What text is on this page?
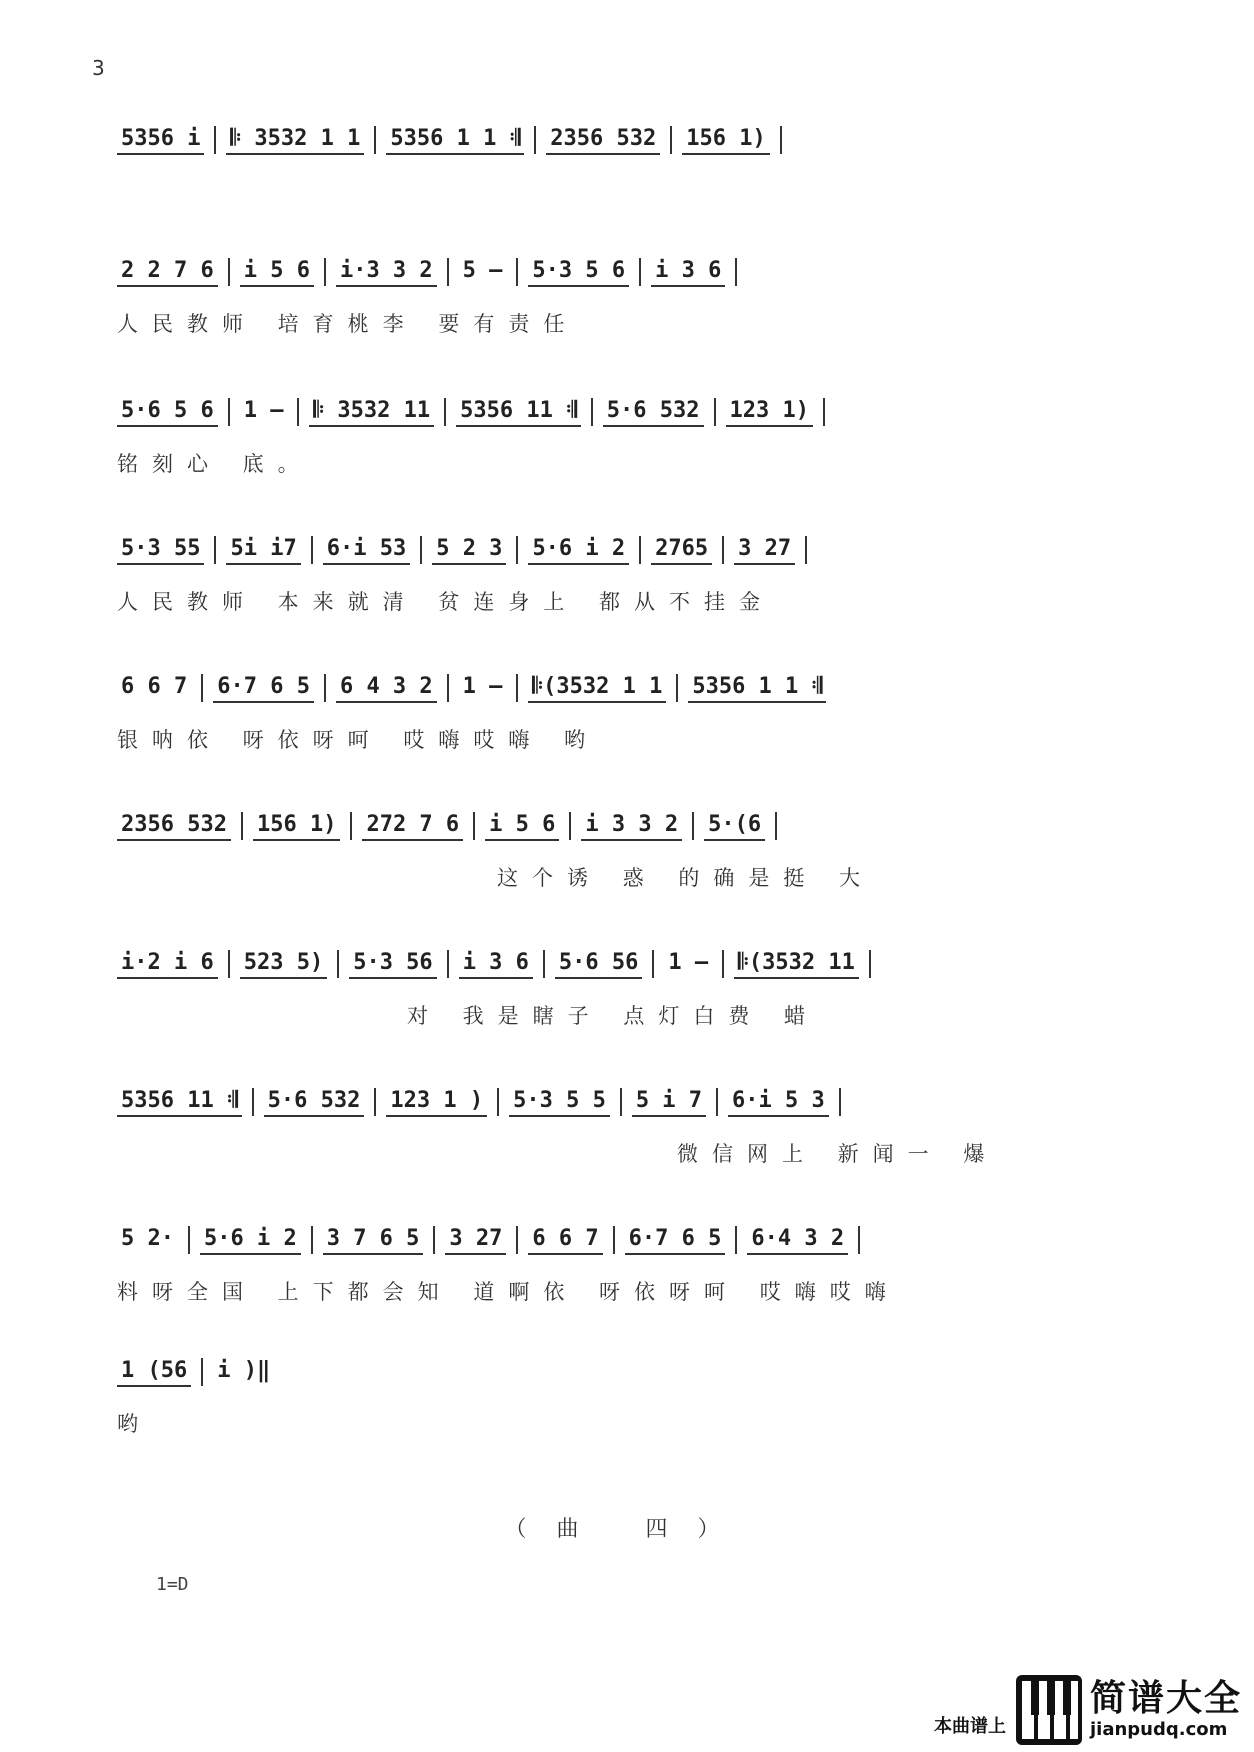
3
5356 i 𝄆 3532 1 1 5356 1 1 𝄇 2356 532 156 1)
2 2 7 6 i 5 6 i·3 3 2 5 – 5·3 5 6 i 3 6
人民教师 培育桃李 要有责任
5·6 5 6 1 – 𝄆 3532 11 5356 11 𝄇 5·6 532 123 1)
铭刻心 底。
5·3 55 5i i7 6·i 53 5 2 3 5·6 i 2 2765 3 27
人民教师 本来就清 贫连身上 都从不挂金
6 6 7 6·7 6 5 6 4 3 2 1 – 𝄆(3532 1 1 5356 1 1 𝄇
银呐依 呀依呀呵 哎嗨哎嗨 哟
2356 532 156 1) 272 7 6 i 5 6 i 3 3 2 5·(6
这个诱 惑 的确是挺 大
i·2 i 6 523 5) 5·3 56 i 3 6 5·6 56 1 – 𝄆(3532 11
对 我是瞎子 点灯白费 蜡
5356 11 𝄇 5·6 532 123 1 ) 5·3 5 5 5 i 7 6·i 5 3
微信网上 新闻一 爆
5 2· 5·6 i 2 3 7 6 5 3 27 6 6 7 6·7 6 5 6·4 3 2
料呀全国 上下都会知 道啊依 呀依呀呵 哎嗨哎嗨
1 (56 i )‖
哟
（曲 四）
1=D
本曲谱上
简谱大全
jianpudq.com
